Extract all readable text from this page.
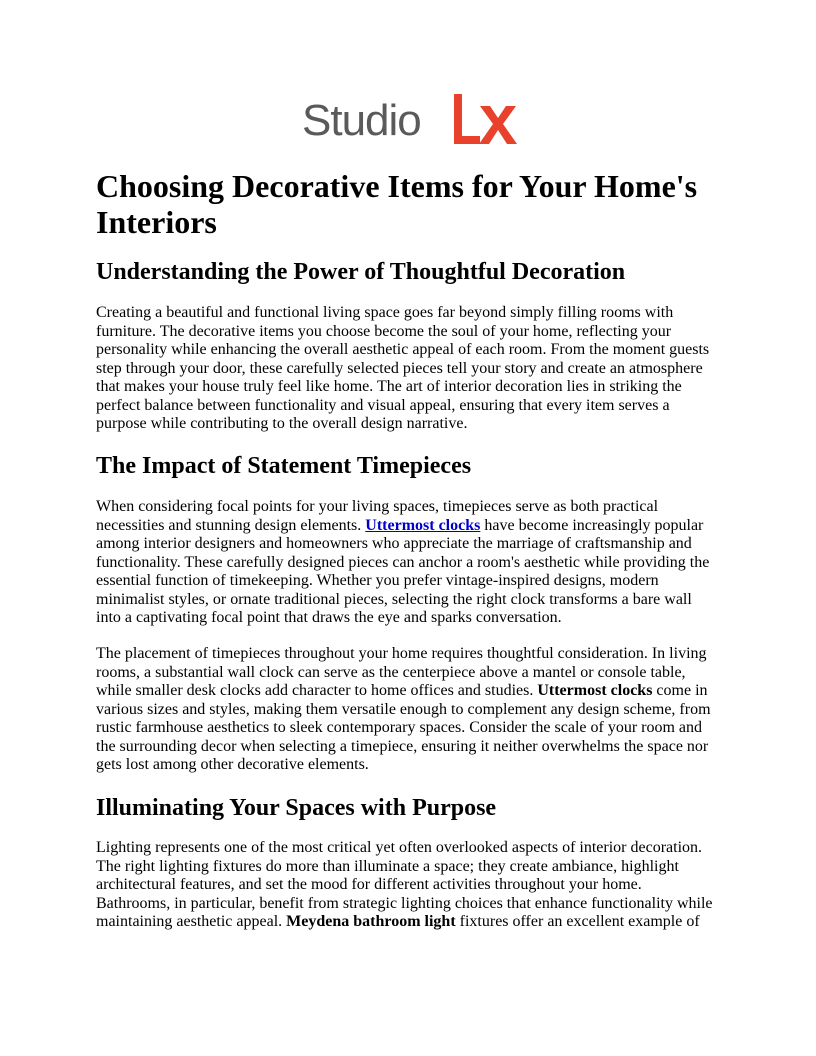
Studio
Choosing Decorative Items for Your Home's Interiors
Understanding the Power of Thoughtful Decoration

Creating a beautiful and functional living space goes far beyond simply filling rooms with furniture. The decorative items you choose become the soul of your home, reflecting your personality while enhancing the overall aesthetic appeal of each room. From the moment guests step through your door, these carefully selected pieces tell your story and create an atmosphere that makes your house truly feel like home. The art of interior decoration lies in striking the perfect balance between functionality and visual appeal, ensuring that every item serves a purpose while contributing to the overall design narrative.

The Impact of Statement Timepieces

When considering focal points for your living spaces, timepieces serve as both practical necessities and stunning design elements. Uttermost clocks have become increasingly popular among interior designers and homeowners who appreciate the marriage of craftsmanship and functionality. These carefully designed pieces can anchor a room's aesthetic while providing the essential function of timekeeping. Whether you prefer vintage-inspired designs, modern minimalist styles, or ornate traditional pieces, selecting the right clock transforms a bare wall into a captivating focal point that draws the eye and sparks conversation.

The placement of timepieces throughout your home requires thoughtful consideration. In living rooms, a substantial wall clock can serve as the centerpiece above a mantel or console table, while smaller desk clocks add character to home offices and studies. Uttermost clocks come in various sizes and styles, making them versatile enough to complement any design scheme, from rustic farmhouse aesthetics to sleek contemporary spaces. Consider the scale of your room and the surrounding decor when selecting a timepiece, ensuring it neither overwhelms the space nor gets lost among other decorative elements.

Illuminating Your Spaces with Purpose

Lighting represents one of the most critical yet often overlooked aspects of interior decoration. The right lighting fixtures do more than illuminate a space; they create ambiance, highlight architectural features, and set the mood for different activities throughout your home. Bathrooms, in particular, benefit from strategic lighting choices that enhance functionality while maintaining aesthetic appeal. Meydena bathroom light fixtures offer an excellent example of
